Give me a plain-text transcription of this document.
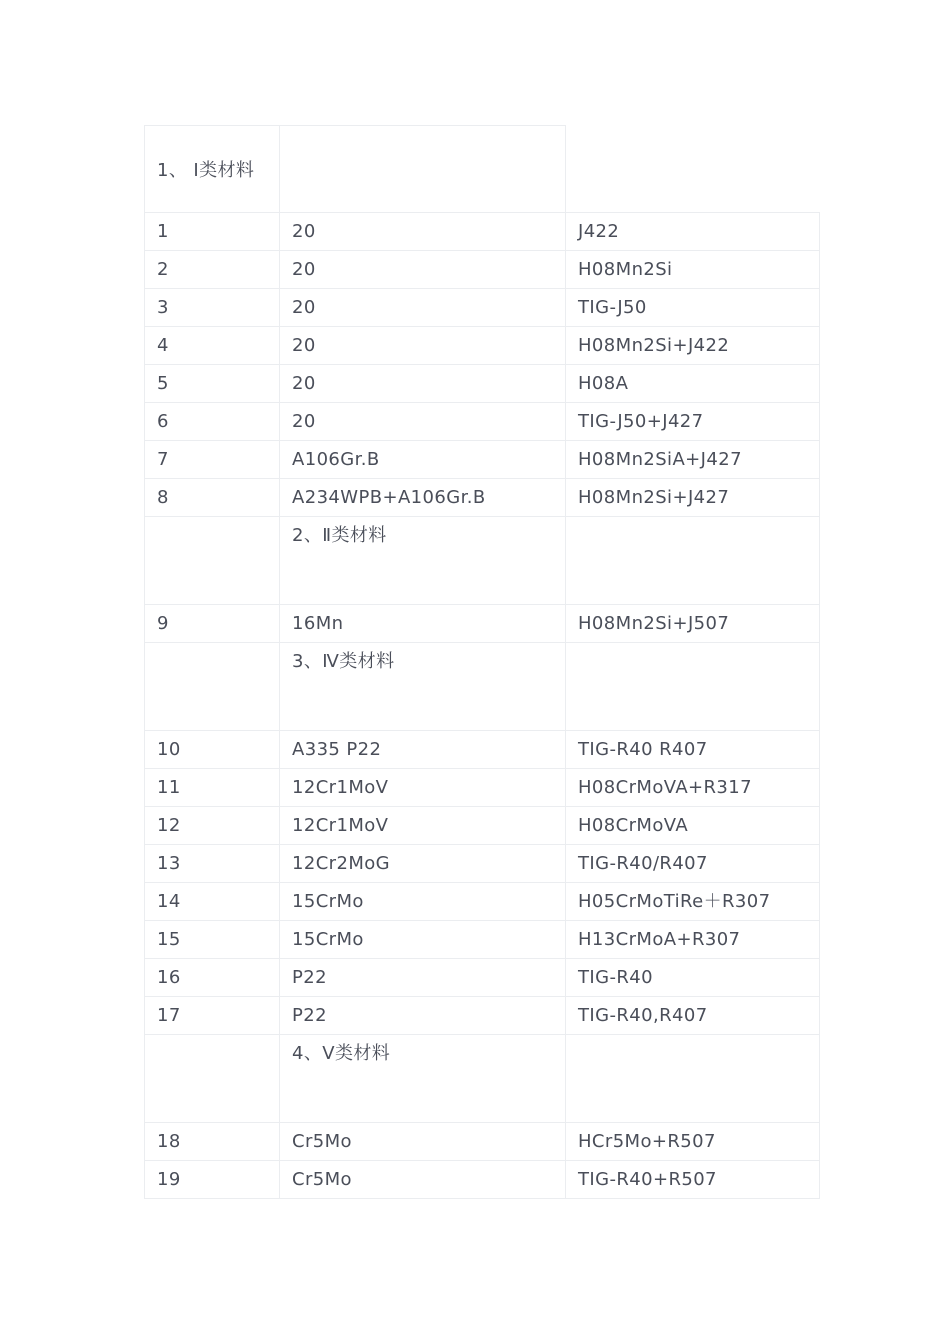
1、 Ⅰ类材料
1	20	J422
2	20	H08Mn2Si
3	20	TIG-J50
4	20	H08Mn2Si+J422
5	20	H08A
6	20	TIG-J50+J427
7	A106Gr.B	H08Mn2SiA+J427
8	A234WPB+A106Gr.B	H08Mn2Si+J427
2、Ⅱ类材料
9	16Mn	H08Mn2Si+J507
3、Ⅳ类材料
10	A335 P22	TIG-R40 R407
11	12Cr1MoV	H08CrMoVA+R317
12	12Cr1MoV	H08CrMoVA
13	12Cr2MoG	TIG-R40/R407
14	15CrMo	H05CrMoTiRe＋R307
15	15CrMo	H13CrMoA+R307
16	P22	TIG-R40
17	P22	TIG-R40,R407
4、Ⅴ类材料
18	Cr5Mo	HCr5Mo+R507
19	Cr5Mo	TIG-R40+R507
